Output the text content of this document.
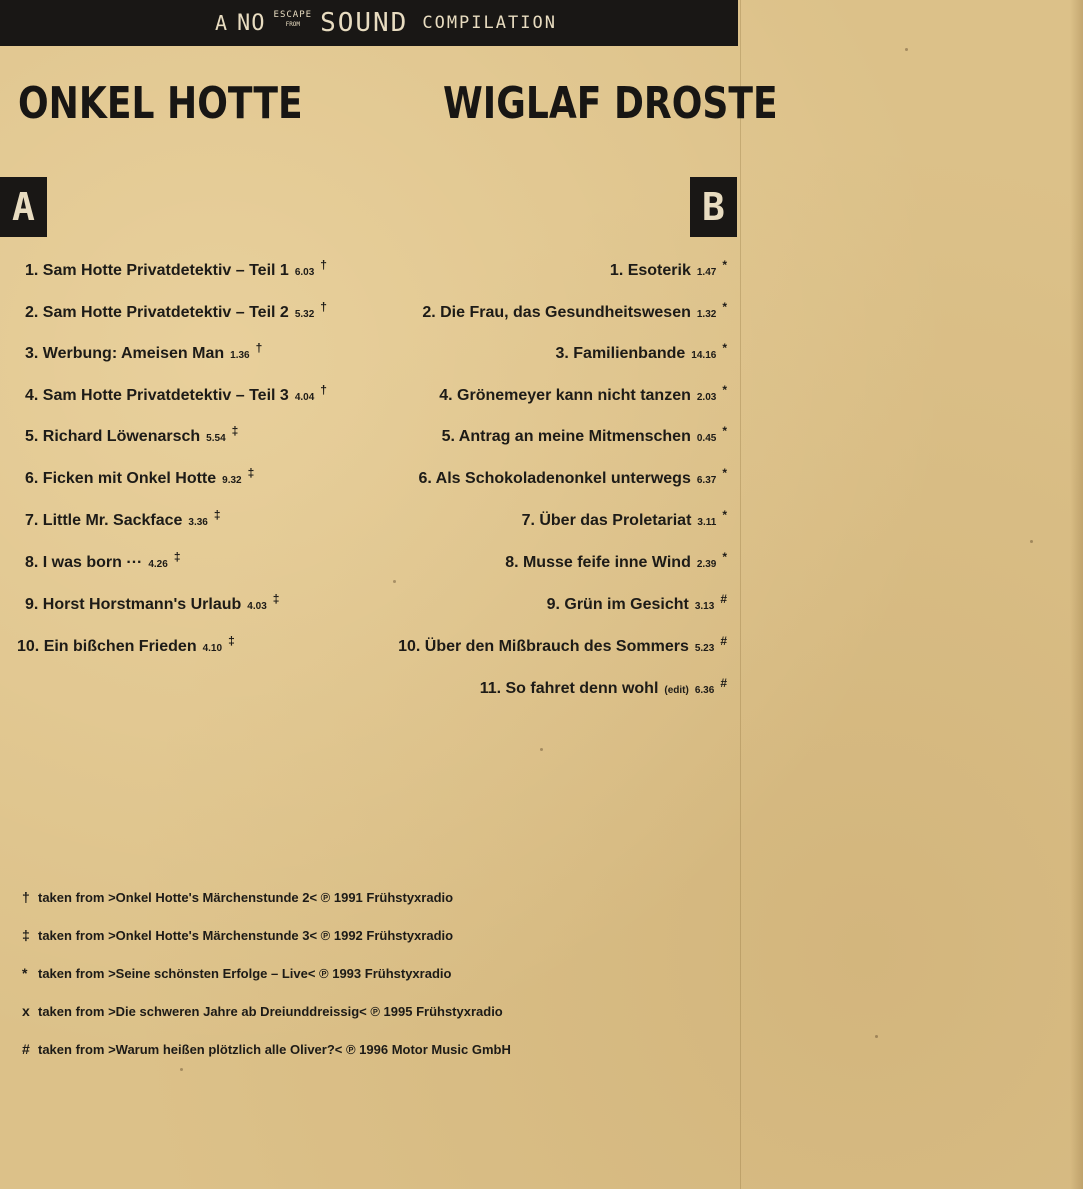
A NO ESCAPE
FROM SOUND COMPILATION
ONKEL HOTTE	WIGLAF DROSTE
A	B
1. Sam Hotte Privatdetektiv – Teil 1 6.03
†
2. Sam Hotte Privatdetektiv – Teil 2 5.32
†
3. Werbung: Ameisen Man 1.36
†
4. Sam Hotte Privatdetektiv – Teil 3 4.04
†
5. Richard Löwenarsch 5.54
‡
6. Ficken mit Onkel Hotte 9.32
‡
7. Little Mr. Sackface 3.36
‡
8. I was born ··· 4.26
‡
9. Horst Horstmann's Urlaub 4.03
‡
10. Ein bißchen Frieden 4.10
‡
1. Esoterik 1.47
*
2. Die Frau, das Gesundheitswesen 1.32
*
3. Familienbande 14.16
*
4. Grönemeyer kann nicht tanzen 2.03
*
5. Antrag an meine Mitmenschen 0.45
*
6. Als Schokoladenonkel unterwegs 6.37
*
7. Über das Proletariat 3.11
*
8. Musse feife inne Wind 2.39
*
9. Grün im Gesicht 3.13
#
10. Über den Mißbrauch des Sommers 5.23
#
11. So fahret denn wohl (edit) 6.36
#
† taken from >Onkel Hotte's Märchenstunde 2< ℗ 1991 Frühstyxradio
‡ taken from >Onkel Hotte's Märchenstunde 3< ℗ 1992 Frühstyxradio
* taken from >Seine schönsten Erfolge – Live< ℗ 1993 Frühstyxradio
x taken from >Die schweren Jahre ab Dreiunddreissig< ℗ 1995 Frühstyxradio
# taken from >Warum heißen plötzlich alle Oliver?< ℗ 1996 Motor Music GmbH
